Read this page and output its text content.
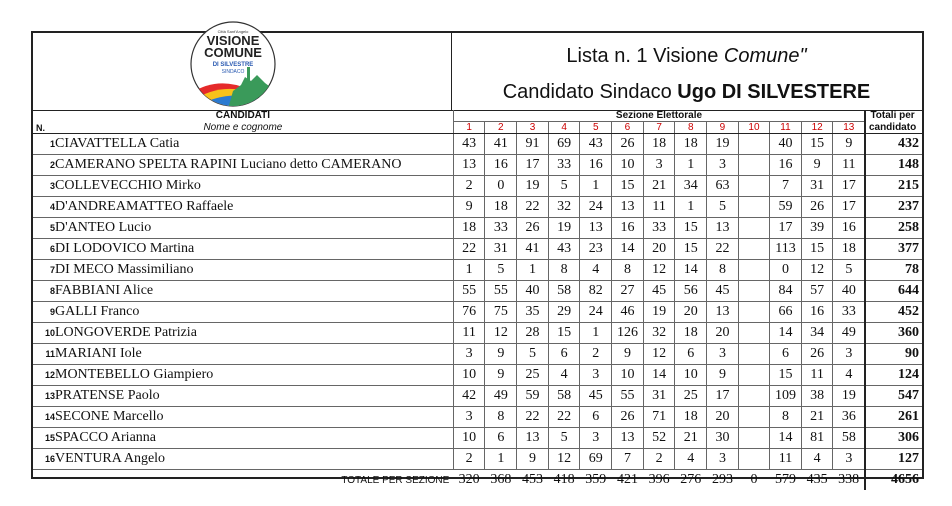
Città Sant'Angelo
VISIONE
COMUNE
DI SILVESTRE
SINDACO
Lista n. 1 Visione Comune"
Candidato Sindaco Ugo DI SILVESTERE
CANDIDATI	Sezione Elettorale													Totali per

N. Nome e cognome	1	2	3	4	5	6	7	8	9	10	11	12	13	candidato
1CIAVATTELLA Catia	43	41	91	69	43	26	18	18	19		40	15	9	432
2CAMERANO SPELTA RAPINI Luciano detto CAMERANO	13	16	17	33	16	10	3	1	3		16	9	11	148
3COLLEVECCHIO Mirko	2	0	19	5	1	15	21	34	63		7	31	17	215
4D'ANDREAMATTEO Raffaele	9	18	22	32	24	13	11	1	5		59	26	17	237
5D'ANTEO Lucio	18	33	26	19	13	16	33	15	13		17	39	16	258
6DI LODOVICO Martina	22	31	41	43	23	14	20	15	22		113	15	18	377
7DI MECO Massimiliano	1	5	1	8	4	8	12	14	8		0	12	5	78
8FABBIANI Alice	55	55	40	58	82	27	45	56	45		84	57	40	644
9GALLI Franco	76	75	35	29	24	46	19	20	13		66	16	33	452
10LONGOVERDE Patrizia	11	12	28	15	1	126	32	18	20		14	34	49	360
11MARIANI Iole	3	9	5	6	2	9	12	6	3		6	26	3	90
12MONTEBELLO Giampiero	10	9	25	4	3	10	14	10	9		15	11	4	124
13PRATENSE Paolo	42	49	59	58	45	55	31	25	17		109	38	19	547
14SECONE Marcello	3	8	22	22	6	26	71	18	20		8	21	36	261
15SPACCO Arianna	10	6	13	5	3	13	52	21	30		14	81	58	306
16VENTURA Angelo	2	1	9	12	69	7	2	4	3		11	4	3	127
TOTALE PER SEZIONE	320	368	453	418	359	421	396	276	293	0	579	435	338	4656
